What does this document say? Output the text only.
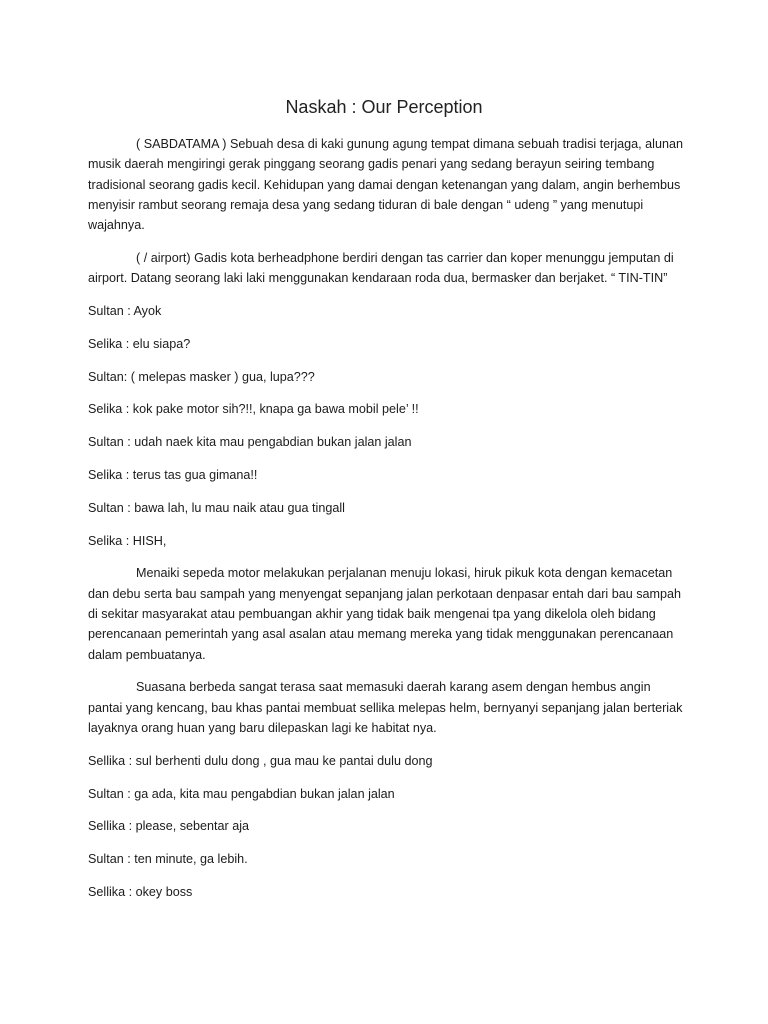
Naskah : Our Perception

( SABDATAMA ) Sebuah desa di kaki gunung agung tempat dimana sebuah tradisi terjaga, alunan musik daerah mengiringi gerak pinggang seorang gadis penari yang sedang berayun seiring tembang tradisional seorang gadis kecil. Kehidupan yang damai dengan ketenangan yang dalam, angin berhembus menyisir rambut seorang remaja desa yang sedang tiduran di bale dengan “ udeng ” yang menutupi wajahnya.

( / airport) Gadis kota berheadphone berdiri dengan tas carrier dan koper menunggu jemputan di airport. Datang seorang laki laki menggunakan kendaraan roda dua, bermasker dan berjaket. “ TIN-TIN”

Sultan : Ayok

Selika : elu siapa?

Sultan: ( melepas masker ) gua, lupa???

Selika : kok pake motor sih?!!, knapa ga bawa mobil pele’ !!

Sultan : udah naek kita mau pengabdian bukan jalan jalan

Selika : terus tas gua gimana!!

Sultan : bawa lah, lu mau naik atau gua tingall

Selika : HISH,

Menaiki sepeda motor melakukan perjalanan menuju lokasi, hiruk pikuk kota dengan kemacetan dan debu serta bau sampah yang menyengat sepanjang jalan perkotaan denpasar entah dari bau sampah di sekitar masyarakat atau pembuangan akhir yang tidak baik mengenai tpa yang dikelola oleh bidang perencanaan pemerintah yang asal asalan atau memang mereka yang tidak menggunakan perencanaan dalam pembuatanya.

Suasana berbeda sangat terasa saat memasuki daerah karang asem dengan hembus angin pantai yang kencang, bau khas pantai membuat sellika melepas helm, bernyanyi sepanjang jalan berteriak layaknya orang huan yang baru dilepaskan lagi ke habitat nya.

Sellika : sul berhenti dulu dong , gua mau ke pantai dulu dong

Sultan : ga ada, kita mau pengabdian bukan jalan jalan

Sellika : please, sebentar aja

Sultan : ten minute, ga lebih.

Sellika : okey boss
